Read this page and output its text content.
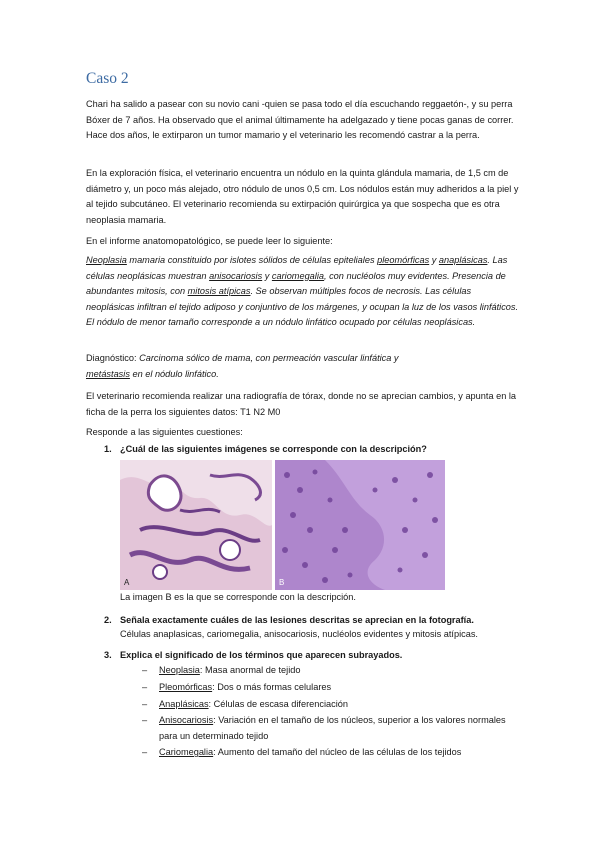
Caso 2

Chari ha salido a pasear con su novio cani -quien se pasa todo el día escuchando reggaetón-, y su perra Bóxer de 7 años. Ha observado que el animal últimamente ha adelgazado y tiene pocas ganas de correr. Hace dos años, le extirparon un tumor mamario y el veterinario les recomendó castrar a la perra.

En la exploración física, el veterinario encuentra un nódulo en la quinta glándula mamaria, de 1,5 cm de diámetro y, un poco más alejado, otro nódulo de unos 0,5 cm. Los nódulos están muy adheridos a la piel y al tejido subcutáneo. El veterinario recomienda su extirpación quirúrgica ya que sospecha que es otra neoplasia mamaria.

En el informe anatomopatológico, se puede leer lo siguiente:

Neoplasia mamaria constituido por islotes sólidos de células epiteliales pleomórficas y anaplásicas. Las células neoplásicas muestran anisocariosis y cariomegalia, con nucléolos muy evidentes. Presencia de abundantes mitosis, con mitosis atípicas. Se observan múltiples focos de necrosis. Las células neoplásicas infiltran el tejido adiposo y conjuntivo de los márgenes, y ocupan la luz de los vasos linfáticos. El nódulo de menor tamaño corresponde a un nódulo linfático ocupado por células neoplásicas.

Diagnóstico: Carcinoma sólico de mama, con permeación vascular linfática y
metástasis en el nódulo linfático.

El veterinario recomienda realizar una radiografía de tórax, donde no se aprecian cambios, y apunta en la ficha de la perra los siguientes datos: T1 N2 M0

Responde a las siguientes cuestiones:

1. ¿Cuál de las siguientes imágenes se corresponde con la descripción?
A	B

La imagen B es la que se corresponde con la descripción.

2. Señala exactamente cuáles de las lesiones descritas se aprecian en la fotografía.

Células anaplasicas, cariomegalia, anisocariosis, nucléolos evidentes y mitosis atípicas.

3. Explica el significado de los términos que aparecen subrayados.
– Neoplasia: Masa anormal de tejido
– Pleomórficas: Dos o más formas celulares
– Anaplásicas: Células de escasa diferenciación
– Anisocariosis: Variación en el tamaño de los núcleos, superior a los valores normales para un determinado tejido
– Cariomegalia: Aumento del tamaño del núcleo de las células de los tejidos
